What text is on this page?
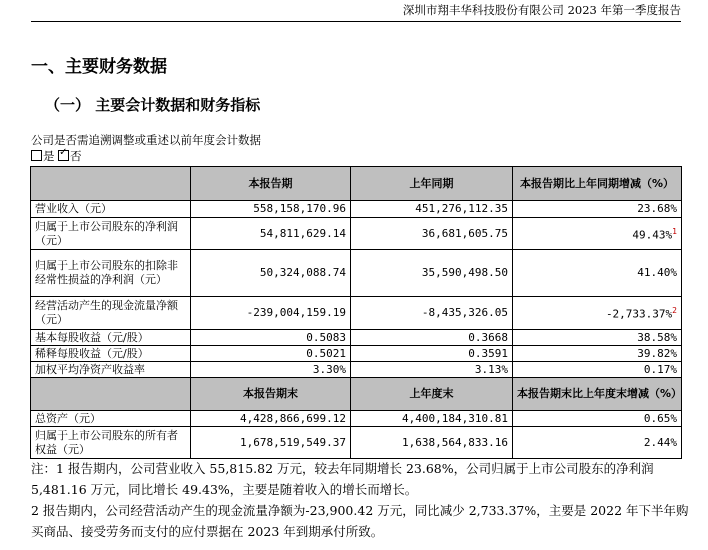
深圳市翔丰华科技股份有限公司 2023 年第一季度报告
一、主要财务数据
（一） 主要会计数据和财务指标
公司是否需追溯调整或重述以前年度会计数据
是 ✓ 否
	本报告期	上年同期	本报告期比上年同期增减（%）
营业收入（元）	558,158,170.96	451,276,112.35	23.68%
归属于上市公司股东的净利润（元）	54,811,629.14	36,681,605.75	49.43%$^1$
归属于上市公司股东的扣除非经常性损益的净利润（元）	50,324,088.74	35,590,498.50	41.40%
经营活动产生的现金流量净额（元）	-239,004,159.19	-8,435,326.05	-2,733.37%$^2$
基本每股收益（元/股）	0.5083	0.3668	38.58%
稀释每股收益（元/股）	0.5021	0.3591	39.82%
加权平均净资产收益率	3.30%	3.13%	0.17%
	本报告期末	上年度末	本报告期末比上年度末增减（%）
总资产（元）	4,428,866,699.12	4,400,184,310.81	0.65%
归属于上市公司股东的所有者权益（元）	1,678,519,549.37	1,638,564,833.16	2.44%

注：1 报告期内，公司营业收入 55,815.82 万元，较去年同期增长 23.68%，公司归属于上市公司股东的净利润 5,481.16 万元，同比增长 49.43%，主要是随着收入的增长而增长。

2 报告期内，公司经营活动产生的现金流量净额为-23,900.42 万元，同比减少 2,733.37%，主要是 2022 年下半年购买商品、接受劳务而支付的应付票据在 2023 年到期承付所致。
